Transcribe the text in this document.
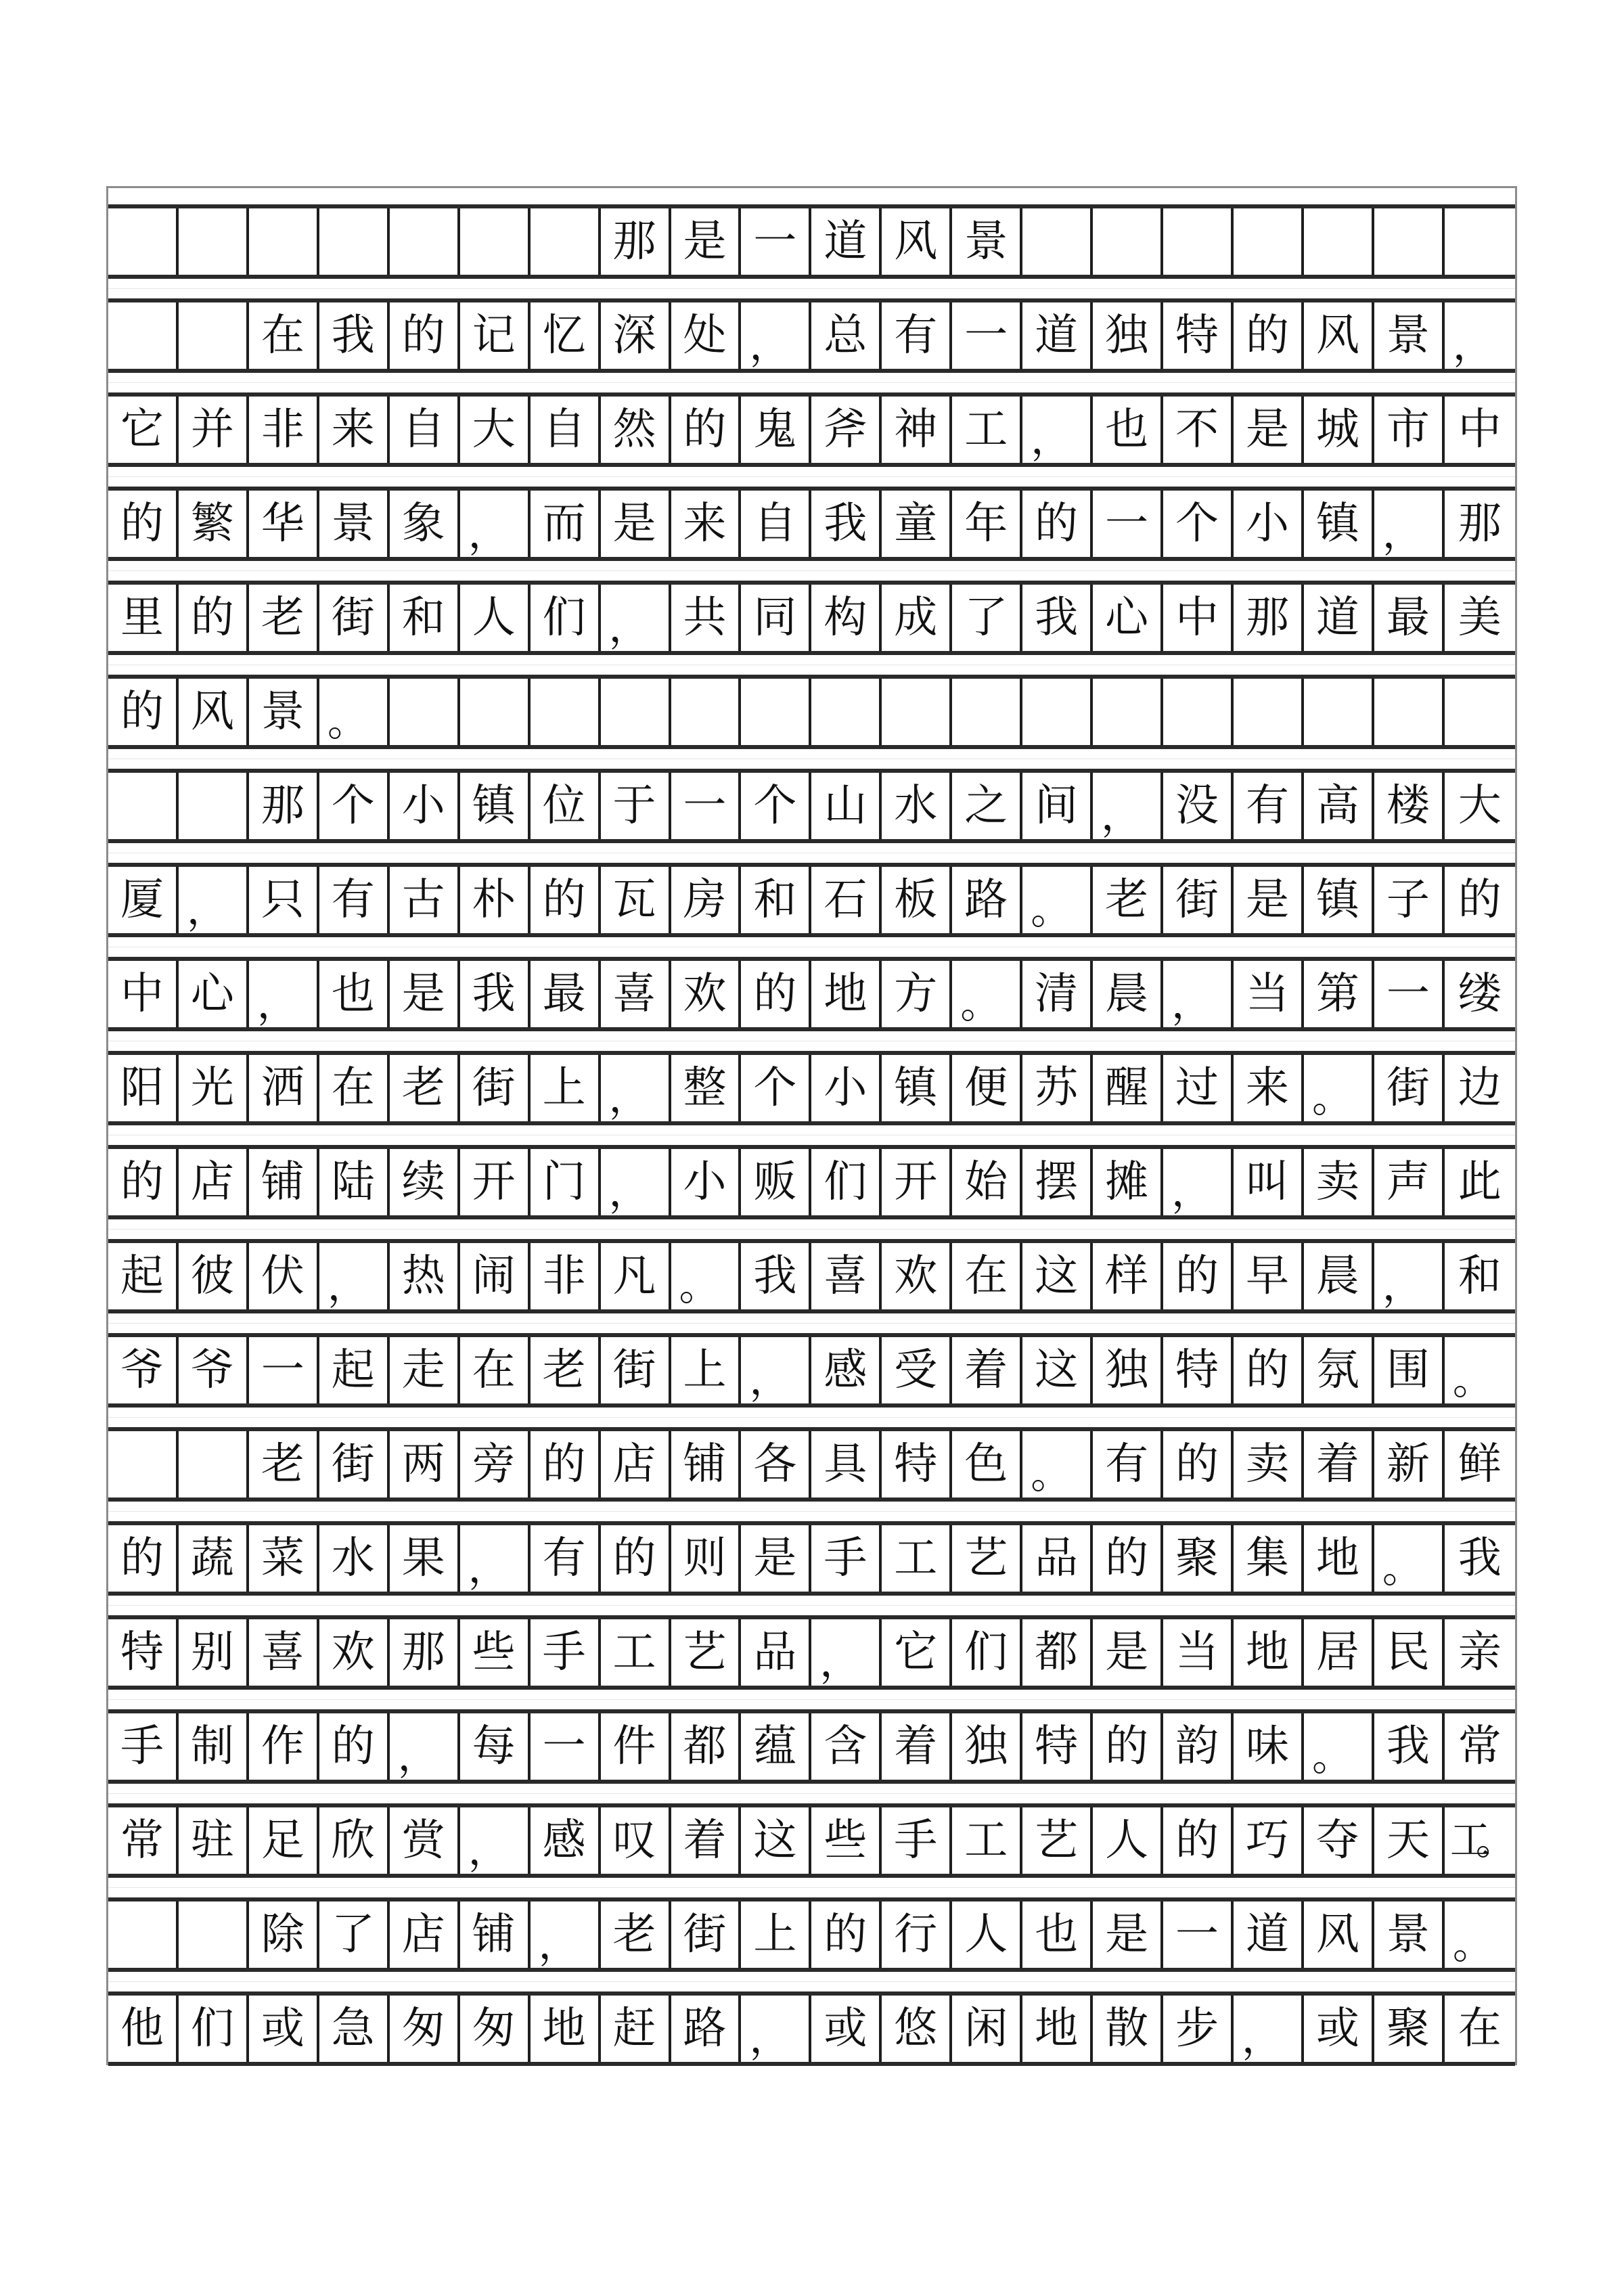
那 是 一 道 风 景
在 我 的 记 忆 深 处 ， 总 有 一 道 独 特 的 风 景 ，
它 并 非 来 自 大 自 然 的 鬼 斧 神 工 ， 也 不 是 城 市 中
的 繁 华 景 象 ， 而 是 来 自 我 童 年 的 一 个 小 镇 ， 那
里 的 老 街 和 人 们 ， 共 同 构 成 了 我 心 中 那 道 最 美
的 风 景 。
那 个 小 镇 位 于 一 个 山 水 之 间 ， 没 有 高 楼 大
厦 ， 只 有 古 朴 的 瓦 房 和 石 板 路 。 老 街 是 镇 子 的
中 心 ， 也 是 我 最 喜 欢 的 地 方 。 清 晨 ， 当 第 一 缕
阳 光 洒 在 老 街 上 ， 整 个 小 镇 便 苏 醒 过 来 。 街 边
的 店 铺 陆 续 开 门 ， 小 贩 们 开 始 摆 摊 ， 叫 卖 声 此
起 彼 伏 ， 热 闹 非 凡 。 我 喜 欢 在 这 样 的 早 晨 ， 和
爷 爷 一 起 走 在 老 街 上 ， 感 受 着 这 独 特 的 氛 围 。
老 街 两 旁 的 店 铺 各 具 特 色 。 有 的 卖 着 新 鲜
的 蔬 菜 水 果 ， 有 的 则 是 手 工 艺 品 的 聚 集 地 。 我
特 别 喜 欢 那 些 手 工 艺 品 ， 它 们 都 是 当 地 居 民 亲
手 制 作 的 ， 每 一 件 都 蕴 含 着 独 特 的 韵 味 。 我 常
常 驻 足 欣 赏 ， 感 叹 着 这 些 手 工 艺 人 的 巧 夺 天 工。
除 了 店 铺 ， 老 街 上 的 行 人 也 是 一 道 风 景 。
他 们 或 急 匆 匆 地 赶 路 ， 或 悠 闲 地 散 步 ， 或 聚 在
